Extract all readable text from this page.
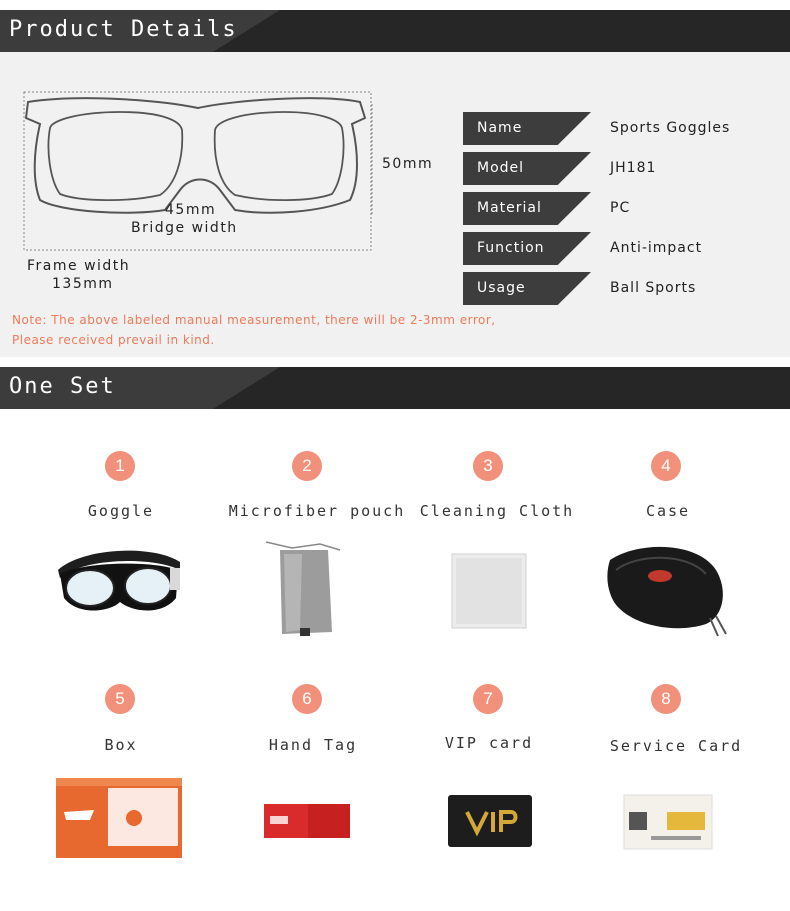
Product Details
50mm
45mm
Bridge width
Frame width
135mm
Name	Sports Goggles
Model	JH181
Material	PC
Function	Anti-impact
Usage	Ball Sports
Note: The above labeled manual measurement, there will be 2-3mm error,
Please received prevail in kind.
One Set
1
Goggle
2
Microfiber pouch
3
Cleaning Cloth
4
Case
5
Box
6
Hand Tag
7
VIP card
8
Service Card
